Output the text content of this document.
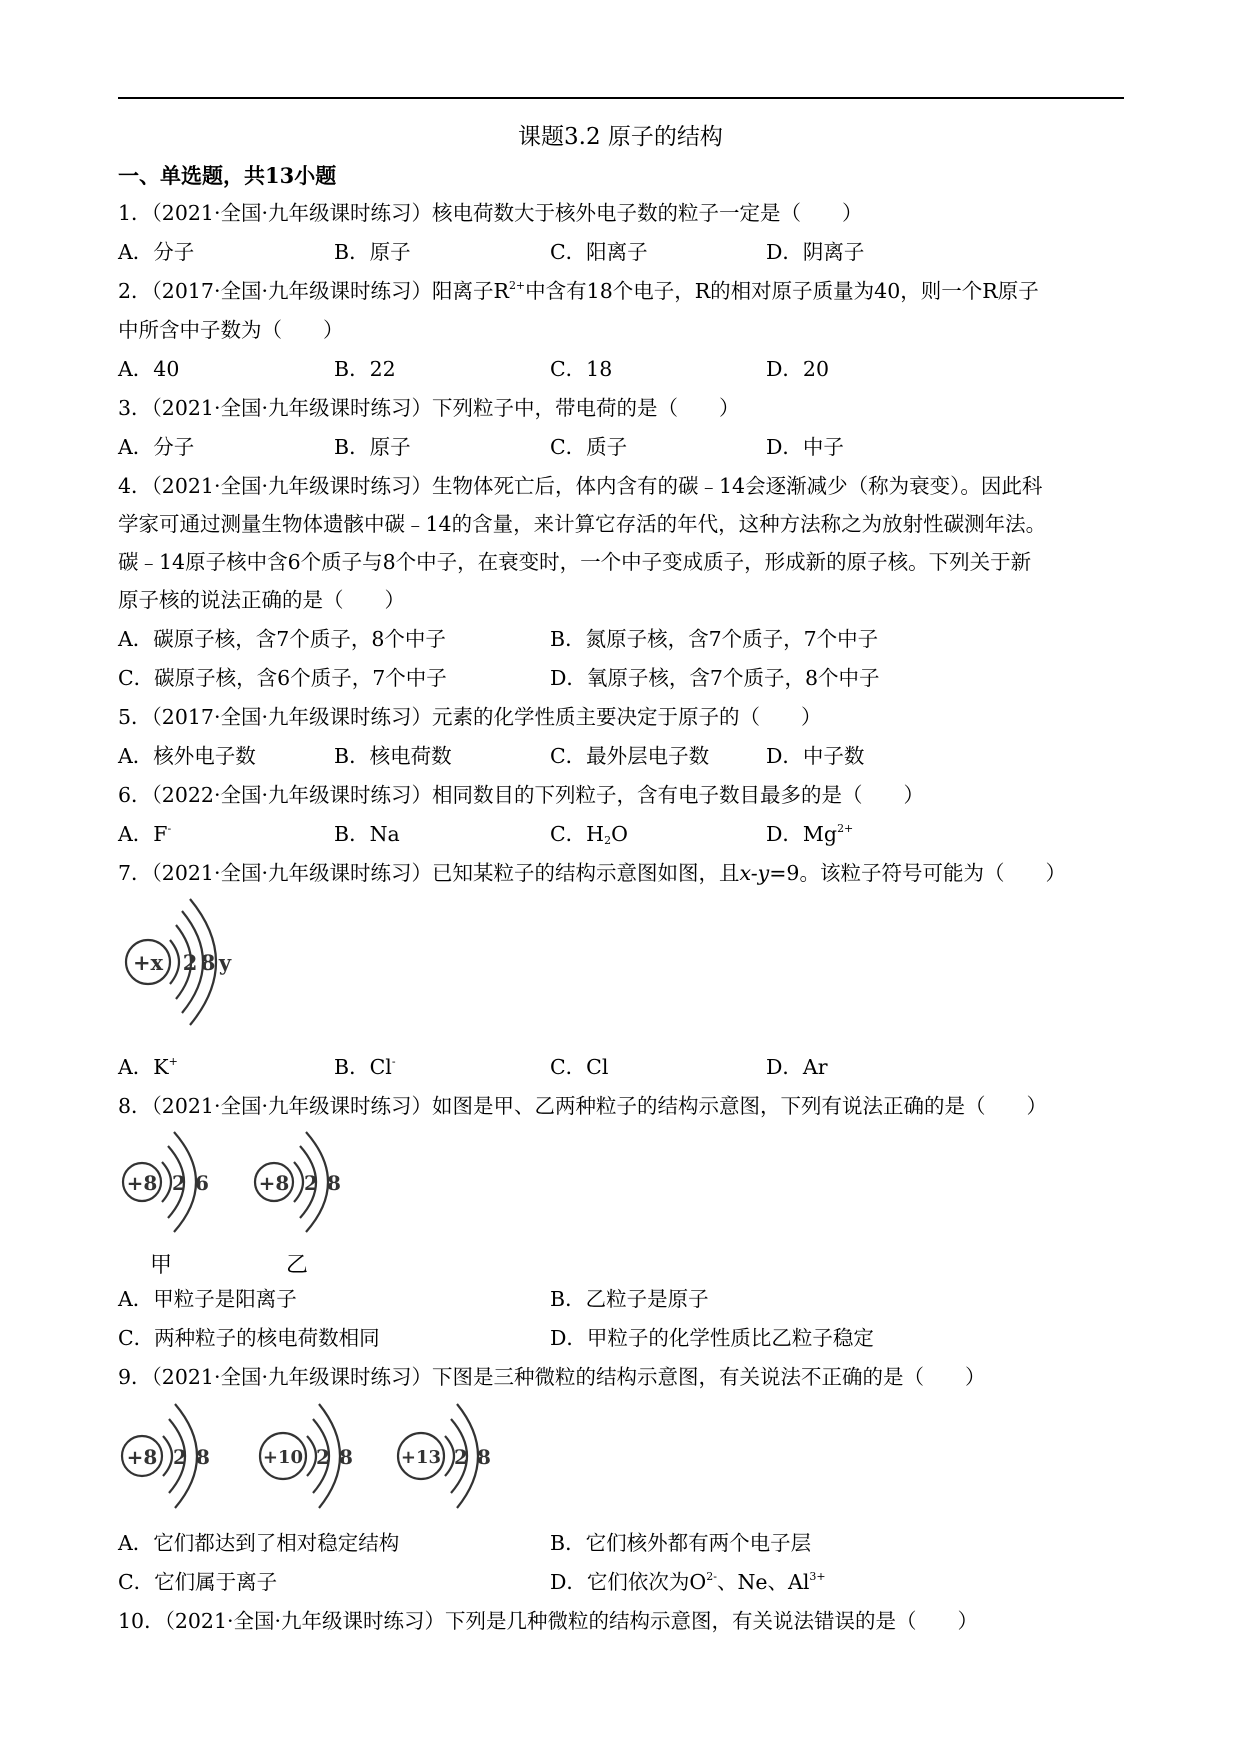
课题3.2 原子的结构
一、单选题，共13小题
1．（2021·全国·九年级课时练习）核电荷数大于核外电子数的粒子一定是（　　）
A．分子	B．原子	C．阳离子	D．阴离子
2．（2017·全国·九年级课时练习）阳离子$R^{2+}$中含有18个电子，R的相对原子质量为40，则一个R原子
中所含中子数为（　　）
A．40	B．22	C．18	D．20
3．（2021·全国·九年级课时练习）下列粒子中，带电荷的是（　　）
A．分子	B．原子	C．质子	D．中子
4．（2021·全国·九年级课时练习）生物体死亡后，体内含有的碳﹣14会逐渐减少（称为衰变）。因此科
学家可通过测量生物体遗骸中碳﹣14的含量，来计算它存活的年代，这种方法称之为放射性碳测年法。
碳﹣14原子核中含6个质子与8个中子，在衰变时，一个中子变成质子，形成新的原子核。下列关于新
原子核的说法正确的是（　　）
A．碳原子核，含7个质子，8个中子	B．氮原子核，含7个质子，7个中子
C．碳原子核，含6个质子，7个中子	D．氧原子核，含7个质子，8个中子
5．（2017·全国·九年级课时练习）元素的化学性质主要决定于原子的（　　）
A．核外电子数	B．核电荷数	C．最外层电子数	D．中子数
6．（2022·全国·九年级课时练习）相同数目的下列粒子，含有电子数目最多的是（　　）
A．F-	B．Na	C．$H_2O$	D．$Mg^{2+}$
7．（2021·全国·九年级课时练习）已知某粒子的结构示意图如图，且x-y=9。该粒子符号可能为（　　）
+x 2 8 y
A．K+	B．Cl-	C．Cl	D．Ar
8．（2021·全国·九年级课时练习）如图是甲、乙两种粒子的结构示意图，下列有说法正确的是（　　）
+8 2 6 +8 2 8
甲	乙
A．甲粒子是阳离子	B．乙粒子是原子
C．两种粒子的核电荷数相同	D．甲粒子的化学性质比乙粒子稳定
9．（2021·全国·九年级课时练习）下图是三种微粒的结构示意图，有关说法不正确的是（　　）
+8 2 8	+10 2 8	+13 2 8
A．它们都达到了相对稳定结构	B．它们核外都有两个电子层
C．它们属于离子	D．它们依次为$O^{2-}$、Ne、$Al^{3+}$
10．（2021·全国·九年级课时练习）下列是几种微粒的结构示意图，有关说法错误的是（　　）
